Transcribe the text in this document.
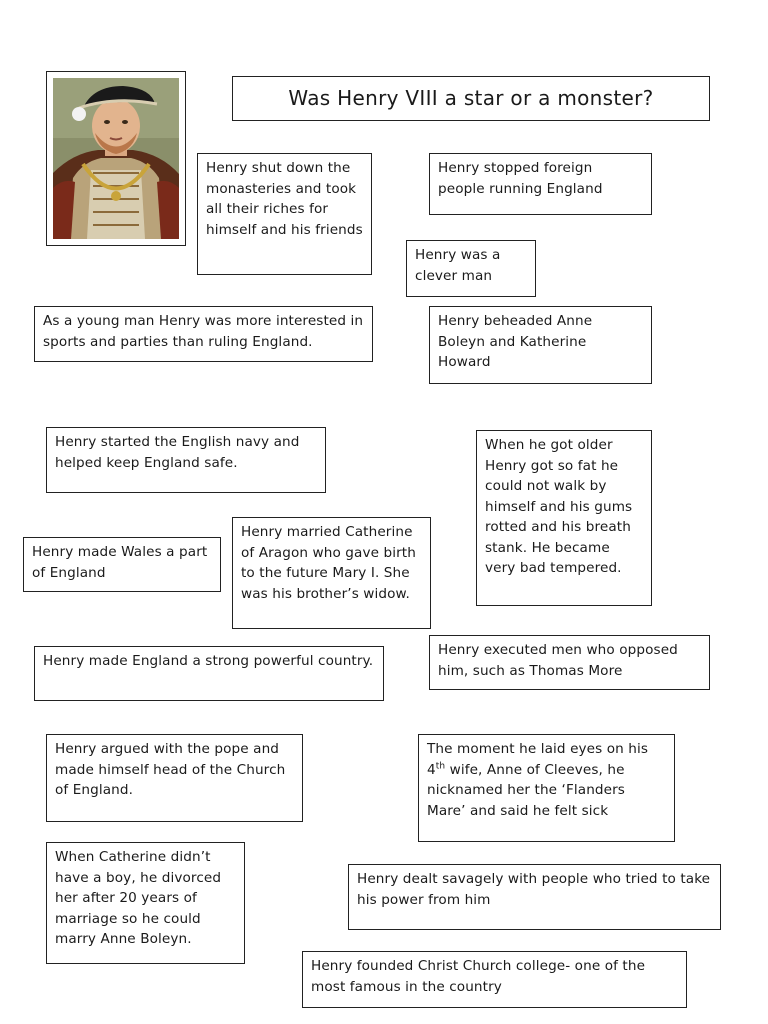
Was Henry VIII a star or a monster?
Henry shut down the monasteries and took all their riches for himself and his friends
Henry stopped foreign people running England
Henry was a clever man
As a young man Henry was more interested in sports and parties than ruling England.
Henry beheaded Anne Boleyn and Katherine Howard
Henry started the English navy and helped keep England safe.
When he got older Henry got so fat he could not walk by himself and his gums rotted and his breath stank. He became very bad tempered.
Henry married Catherine of Aragon who gave birth to the future Mary I. She was his brother’s widow.
Henry made Wales a part of England
Henry executed men who opposed him, such as Thomas More
Henry made England a strong powerful country.
Henry argued with the pope and made himself head of the Church of England.
The moment he laid eyes on his 4th wife, Anne of Cleeves, he nicknamed her the ‘Flanders Mare’ and said he felt sick
When Catherine didn’t have a boy, he divorced her after 20 years of marriage so he could marry Anne Boleyn.
Henry dealt savagely with people who tried to take his power from him
Henry founded Christ Church college- one of the most famous in the country
